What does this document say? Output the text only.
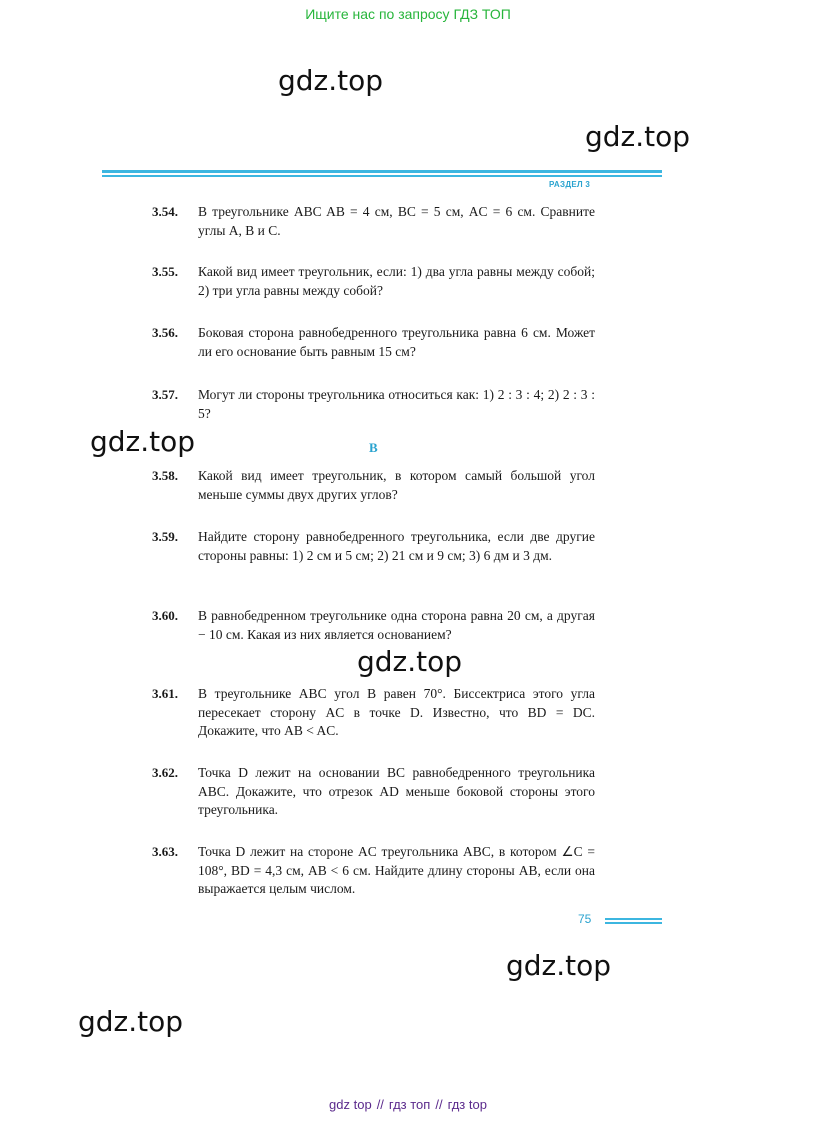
Ищите нас по запросу ГДЗ ТОП
gdz.top
gdz.top
gdz.top
gdz.top
gdz.top
gdz.top
РАЗДЕЛ 3
3.54. В треугольнике ABC AB = 4 см, BC = 5 см, AC = 6 см. Сравните углы A, B и C.
3.55. Какой вид имеет треугольник, если: 1) два угла равны между собой; 2) три угла равны между собой?
3.56. Боковая сторона равнобедренного треугольника равна 6 см. Может ли его основание быть равным 15 см?
3.57. Могут ли стороны треугольника относиться как: 1) 2 : 3 : 4; 2) 2 : 3 : 5?
B
3.58. Какой вид имеет треугольник, в котором самый большой угол меньше суммы двух других углов?
3.59. Найдите сторону равнобедренного треугольника, если две другие стороны равны: 1) 2 см и 5 см; 2) 21 см и 9 см; 3) 6 дм и 3 дм.
3.60. В равнобедренном треугольнике одна сторона равна 20 см, а другая − 10 см. Какая из них является основанием?
3.61. В треугольнике ABC угол B равен 70°. Биссектриса этого угла пересекает сторону AC в точке D. Известно, что BD = DC. Докажите, что AB < AC.
3.62. Точка D лежит на основании BC равнобедренного треугольника ABC. Докажите, что отрезок AD меньше боковой стороны этого треугольника.
3.63. Точка D лежит на стороне AC треугольника ABC, в котором ∠C = 108°, BD = 4,3 см, AB < 6 см. Найдите длину стороны AB, если она выражается целым числом.
75
gdz top // гдз топ // гдз top
